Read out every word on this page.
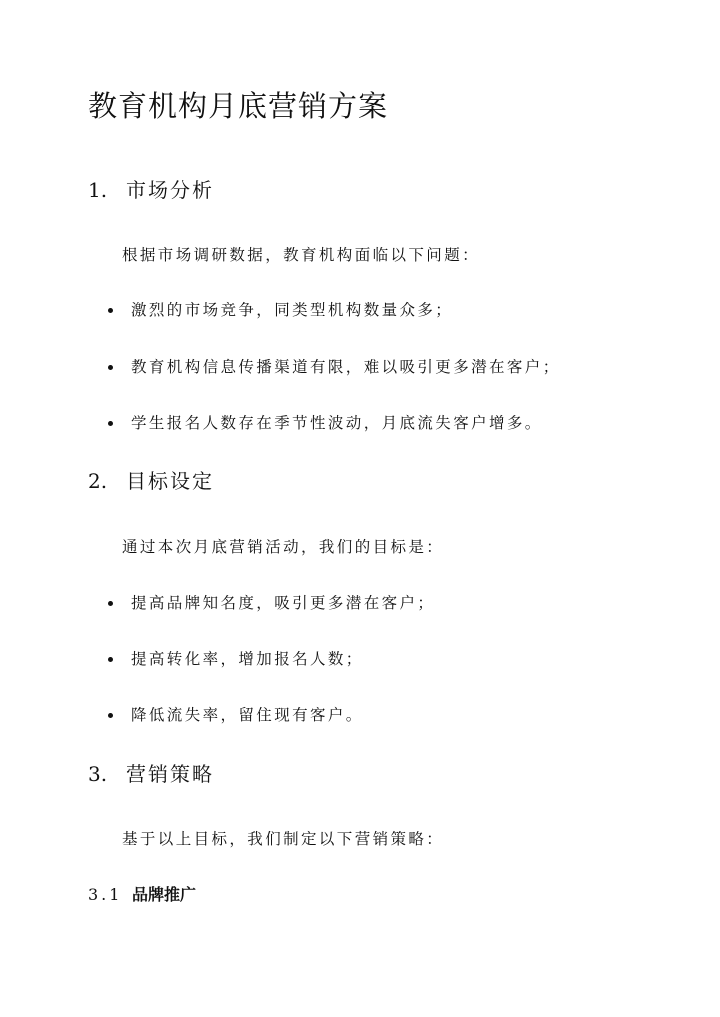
教育机构月底营销方案
1. 市场分析

根据市场调研数据，教育机构面临以下问题：

激烈的市场竞争，同类型机构数量众多；

教育机构信息传播渠道有限，难以吸引更多潜在客户；

学生报名人数存在季节性波动，月底流失客户增多。

2. 目标设定

通过本次月底营销活动，我们的目标是：

提高品牌知名度，吸引更多潜在客户；

提高转化率，增加报名人数；

降低流失率，留住现有客户。

3. 营销策略

基于以上目标，我们制定以下营销策略：

3.1 品牌推广
